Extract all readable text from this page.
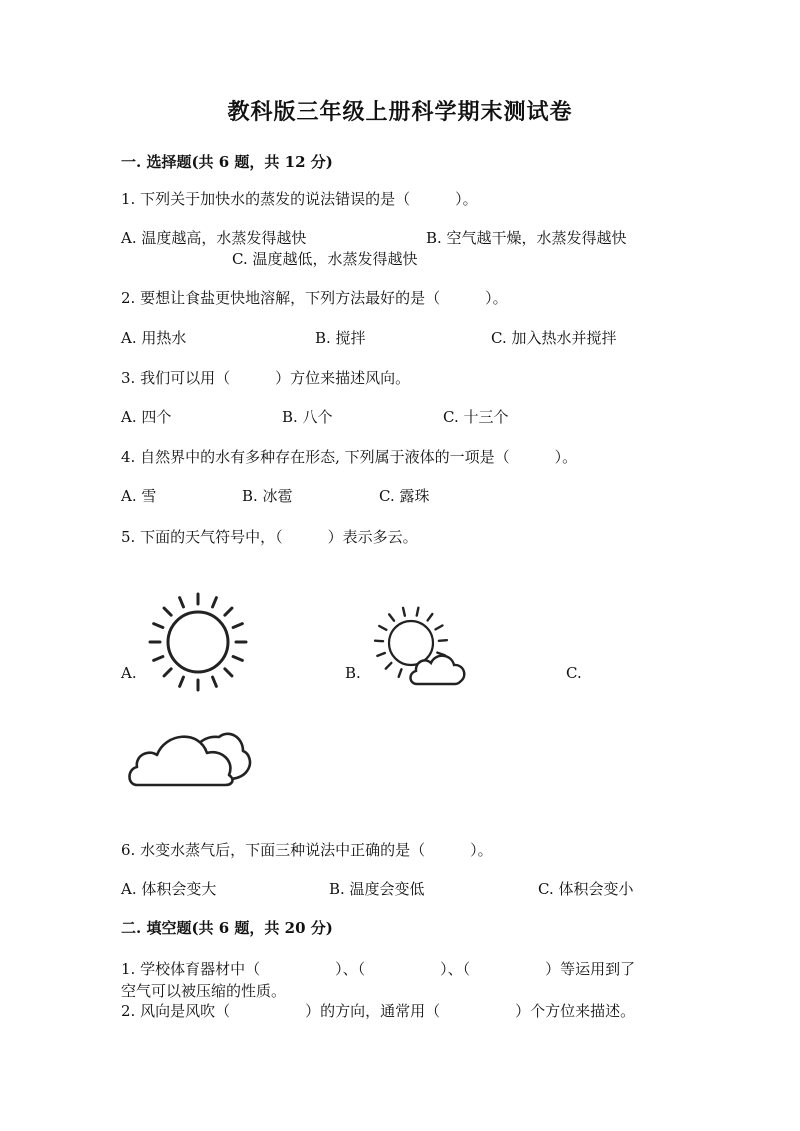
教科版三年级上册科学期末测试卷
一. 选择题(共 6 题，共 12 分)
1. 下列关于加快水的蒸发的说法错误的是（　　　）。
A. 温度越高，水蒸发得越快	B. 空气越干燥，水蒸发得越快
C. 温度越低，水蒸发得越快
2. 要想让食盐更快地溶解，下列方法最好的是（　　　）。
A. 用热水	B. 搅拌	C. 加入热水并搅拌
3. 我们可以用（　　　）方位来描述风向。
A. 四个	B. 八个	C. 十三个
4. 自然界中的水有多种存在形态, 下列属于液体的一项是（　　　）。
A. 雪	B. 冰雹	C. 露珠
5. 下面的天气符号中，（　　　）表示多云。
A.	B.	C.
6. 水变水蒸气后，下面三种说法中正确的是（　　　）。
A. 体积会变大	B. 温度会变低	C. 体积会变小
二. 填空题(共 6 题，共 20 分)
1. 学校体育器材中（　　　　　）、（　　　　　）、（　　　　　）等运用到了
空气可以被压缩的性质。
2. 风向是风吹（　　　　　）的方向，通常用（　　　　　）个方位来描述。
